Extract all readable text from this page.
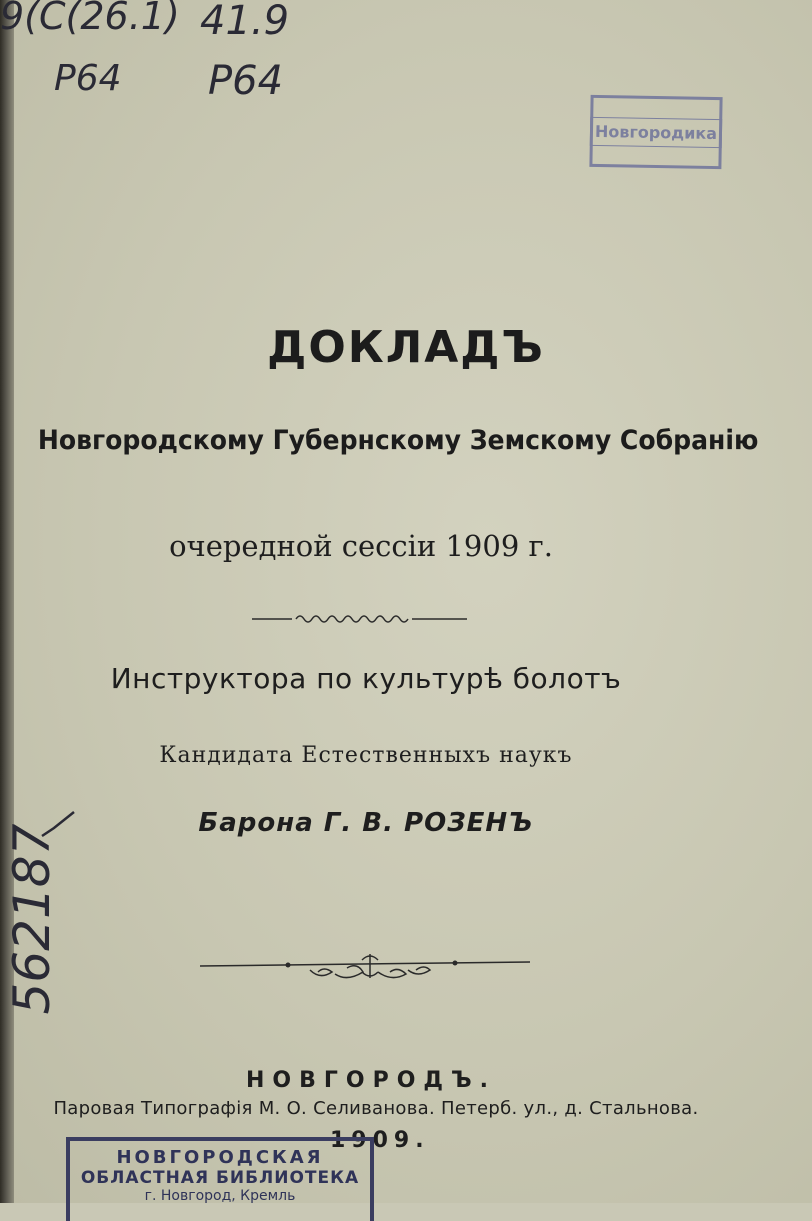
9(С(26.1) 41.9
Р64 Р64
562187
Новгородика
ДОКЛАДЪ
Новгородскому Губернскому Земскому Собранію
очередной сессіи 1909 г.
Инструктора по культурѣ болотъ
Кандидата Естественныхъ наукъ
Барона Г. В. РОЗЕНЪ
НОВГОРОДЪ.
Паровая Типографія М. О. Селиванова. Петерб. ул., д. Стальнова.
1909.
НОВГОРОДСКАЯ
ОБЛАСТНАЯ БИБЛИОТЕКА
г. Новгород, Кремль
